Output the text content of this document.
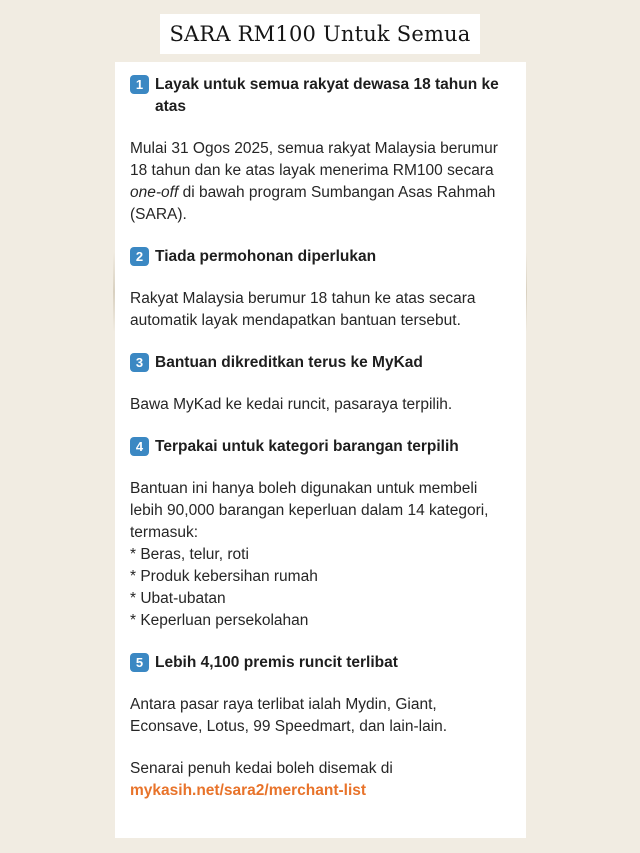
SARA RM100 Untuk Semua
1 Layak untuk semua rakyat dewasa 18 tahun ke atas
Mulai 31 Ogos 2025, semua rakyat Malaysia berumur 18 tahun dan ke atas layak menerima RM100 secara one-off di bawah program Sumbangan Asas Rahmah (SARA).
2 Tiada permohonan diperlukan
Rakyat Malaysia berumur 18 tahun ke atas secara automatik layak mendapatkan bantuan tersebut.
3 Bantuan dikreditkan terus ke MyKad
Bawa MyKad ke kedai runcit, pasaraya terpilih.
4 Terpakai untuk kategori barangan terpilih
Bantuan ini hanya boleh digunakan untuk membeli lebih 90,000 barangan keperluan dalam 14 kategori, termasuk:
* Beras, telur, roti
* Produk kebersihan rumah
* Ubat-ubatan
* Keperluan persekolahan
5 Lebih 4,100 premis runcit terlibat
Antara pasar raya terlibat ialah Mydin, Giant, Econsave, Lotus, 99 Speedmart, dan lain-lain.
Senarai penuh kedai boleh disemak di
mykasih.net/sara2/merchant-list
